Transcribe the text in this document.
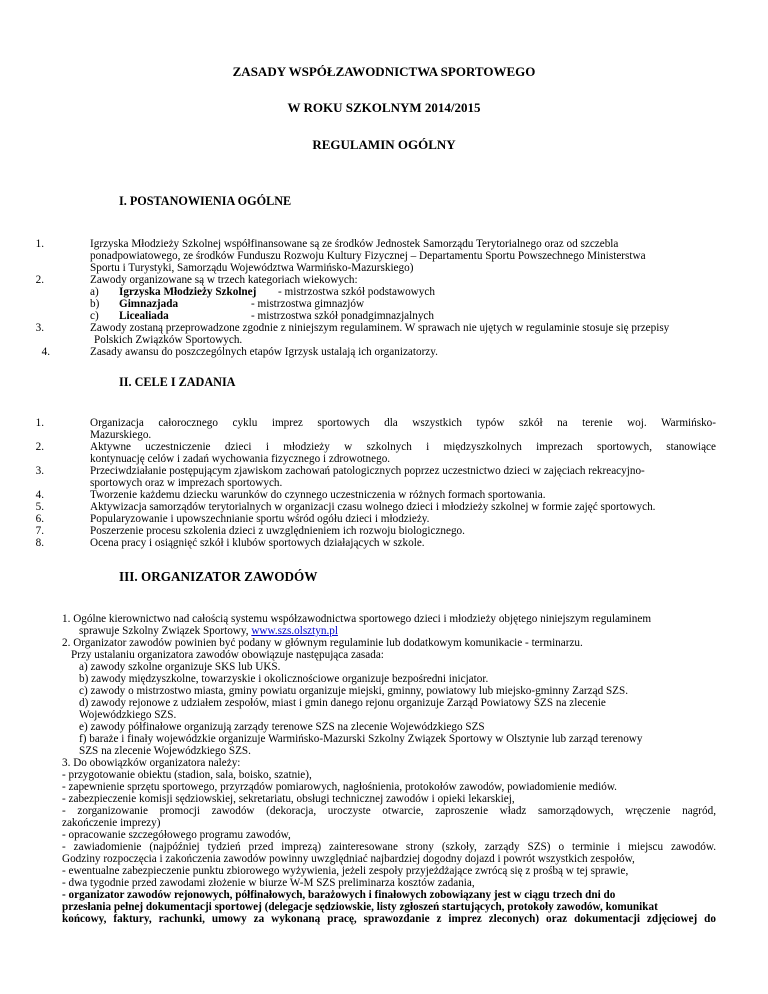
ZASADY WSPÓŁZAWODNICTWA SPORTOWEGO
W ROKU SZKOLNYM 2014/2015
REGULAMIN OGÓLNY
I. POSTANOWIENIA OGÓLNE
1.	Igrzyska Młodzieży Szkolnej współfinansowane są ze środków Jednostek Samorządu Terytorialnego oraz od szczebla
ponadpowiatowego, ze środków Funduszu Rozwoju Kultury Fizycznej – Departamentu Sportu Powszechnego Ministerstwa
Sportu i Turystyki, Samorządu Województwa Warmińsko-Mazurskiego)
2.	Zawody organizowane są w trzech kategoriach wiekowych:
a) Igrzyska Młodzieży Szkolnej - mistrzostwa szkół podstawowych
b) Gimnazjada	- mistrzostwa gimnazjów
c) Licealiada	- mistrzostwa szkół ponadgimnazjalnych
3.	Zawody zostaną przeprowadzone zgodnie z niniejszym regulaminem. W sprawach nie ujętych w regulaminie stosuje się przepisy
Polskich Związków Sportowych.
4.	Zasady awansu do poszczególnych etapów Igrzysk ustalają ich organizatorzy.
II. CELE I ZADANIA
1.	Organizacja całorocznego cyklu imprez sportowych dla wszystkich typów szkół na terenie woj. Warmińsko-
Mazurskiego.
2.	Aktywne uczestniczenie dzieci i młodzieży w szkolnych i międzyszkolnych imprezach sportowych, stanowiące
kontynuację celów i zadań wychowania fizycznego i zdrowotnego.
3.	Przeciwdziałanie postępującym zjawiskom zachowań patologicznych poprzez uczestnictwo dzieci w zajęciach rekreacyjno-
sportowych oraz w imprezach sportowych.
4.	Tworzenie każdemu dziecku warunków do czynnego uczestniczenia w różnych formach sportowania.
5.	Aktywizacja samorządów terytorialnych w organizacji czasu wolnego dzieci i młodzieży szkolnej w formie zajęć sportowych.
6.	Popularyzowanie i upowszechnianie sportu wśród ogółu dzieci i młodzieży.
7.	Poszerzenie procesu szkolenia dzieci z uwzględnieniem ich rozwoju biologicznego.
8.	Ocena pracy i osiągnięć szkół i klubów sportowych działających w szkole.
III. ORGANIZATOR ZAWODÓW
1. Ogólne kierownictwo nad całością systemu współzawodnictwa sportowego dzieci i młodzieży objętego niniejszym regulaminem
sprawuje Szkolny Związek Sportowy, www.szs.olsztyn.pl
2. Organizator zawodów powinien być podany w głównym regulaminie lub dodatkowym komunikacie - terminarzu.
Przy ustalaniu organizatora zawodów obowiązuje następująca zasada:
a) zawody szkolne organizuje SKS lub UKS.
b) zawody międzyszkolne, towarzyskie i okolicznościowe organizuje bezpośredni inicjator.
c) zawody o mistrzostwo miasta, gminy powiatu organizuje miejski, gminny, powiatowy lub miejsko-gminny Zarząd SZS.
d) zawody rejonowe z udziałem zespołów, miast i gmin danego rejonu organizuje Zarząd Powiatowy SZS na zlecenie
Wojewódzkiego SZS.
e) zawody półfinałowe organizują zarządy terenowe SZS na zlecenie Wojewódzkiego SZS
f) baraże i finały wojewódzkie organizuje Warmińsko-Mazurski Szkolny Związek Sportowy w Olsztynie lub zarząd terenowy
SZS na zlecenie Wojewódzkiego SZS.
3. Do obowiązków organizatora należy:
- przygotowanie obiektu (stadion, sala, boisko, szatnie),
- zapewnienie sprzętu sportowego, przyrządów pomiarowych, nagłośnienia, protokołów zawodów, powiadomienie mediów.
- zabezpieczenie komisji sędziowskiej, sekretariatu, obsługi technicznej zawodów i opieki lekarskiej,
- zorganizowanie promocji zawodów (dekoracja, uroczyste otwarcie, zaproszenie władz samorządowych, wręczenie nagród,
zakończenie imprezy)
- opracowanie szczegółowego programu zawodów,
- zawiadomienie (najpóźniej tydzień przed imprezą) zainteresowane strony (szkoły, zarządy SZS) o terminie i miejscu zawodów.
Godziny rozpoczęcia i zakończenia zawodów powinny uwzględniać najbardziej dogodny dojazd i powrót wszystkich zespołów,
- ewentualne zabezpieczenie punktu zbiorowego wyżywienia, jeżeli zespoły przyjeżdżające zwrócą się z prośbą w tej sprawie,
- dwa tygodnie przed zawodami złożenie w biurze W-M SZS preliminarza kosztów zadania,
- organizator zawodów rejonowych, półfinałowych, barażowych i finałowych zobowiązany jest w ciągu trzech dni do
przesłania pełnej dokumentacji sportowej (delegacje sędziowskie, listy zgłoszeń startujących, protokoły zawodów, komunikat
końcowy, faktury, rachunki, umowy za wykonaną pracę, sprawozdanie z imprez zleconych) oraz dokumentacji zdjęciowej do
